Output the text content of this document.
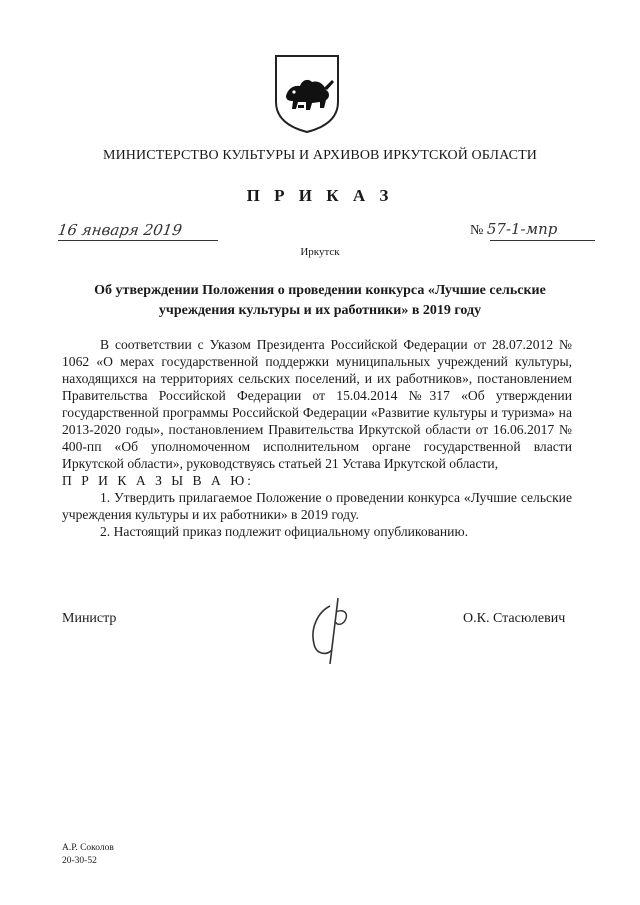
МИНИСТЕРСТВО КУЛЬТУРЫ И АРХИВОВ ИРКУТСКОЙ ОБЛАСТИ
П Р И К А З
16 января 2019	№ 57-1-мпр
Иркутск
Об утверждении Положения о проведении конкурса «Лучшие сельские учреждения культуры и их работники» в 2019 году

В соответствии с Указом Президента Российской Федерации от 28.07.2012 № 1062 «О мерах государственной поддержки муниципальных учреждений культуры, находящихся на территориях сельских поселений, и их работников», постановлением Правительства Российской Федерации от 15.04.2014 №317 «Об утверждении государственной программы Российской Федерации «Развитие культуры и туризма» на 2013-2020 годы», постановлением Правительства Иркутской области от 16.06.2017 № 400-пп «Об уполномоченном исполнительном органе государственной власти Иркутской области», руководствуясь статьей 21 Устава Иркутской области,

П Р И К А З Ы В А Ю:

1. Утвердить прилагаемое Положение о проведении конкурса «Лучшие сельские учреждения культуры и их работники» в 2019 году.

2. Настоящий приказ подлежит официальному опубликованию.

Министр	О.К. Стасюлевич
А.Р. Соколов
20-30-52
